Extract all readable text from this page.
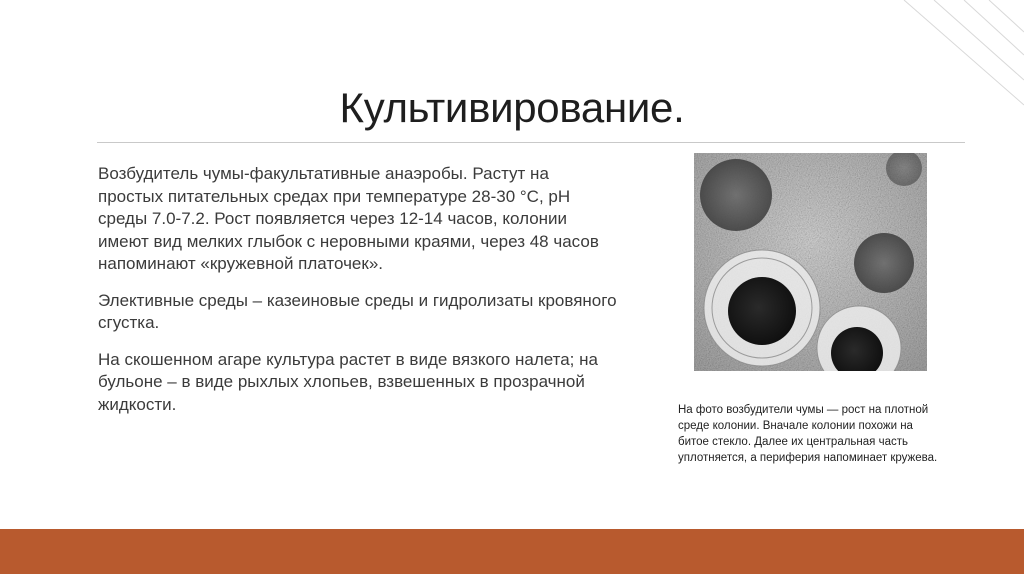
Культивирование.

Возбудитель чумы-факультативные анаэробы. Растут на простых питательных средах при температуре 28-30 °С, pH среды 7.0-7.2. Рост появляется через 12-14 часов, колонии имеют вид мелких глыбок с неровными краями, через 48 часов напоминают «кружевной платочек».

Элективные среды – казеиновые среды и гидролизаты кровяного сгустка.

На скошенном агаре культура растет в виде вязкого налета; на бульоне – в виде рыхлых хлопьев, взвешенных в прозрачной жидкости.	На фото возбудители чумы — рост на плотной

среде колонии. Вначале колонии похожи на

битое стекло. Далее их центральная часть

уплотняется, а периферия напоминает кружева.
